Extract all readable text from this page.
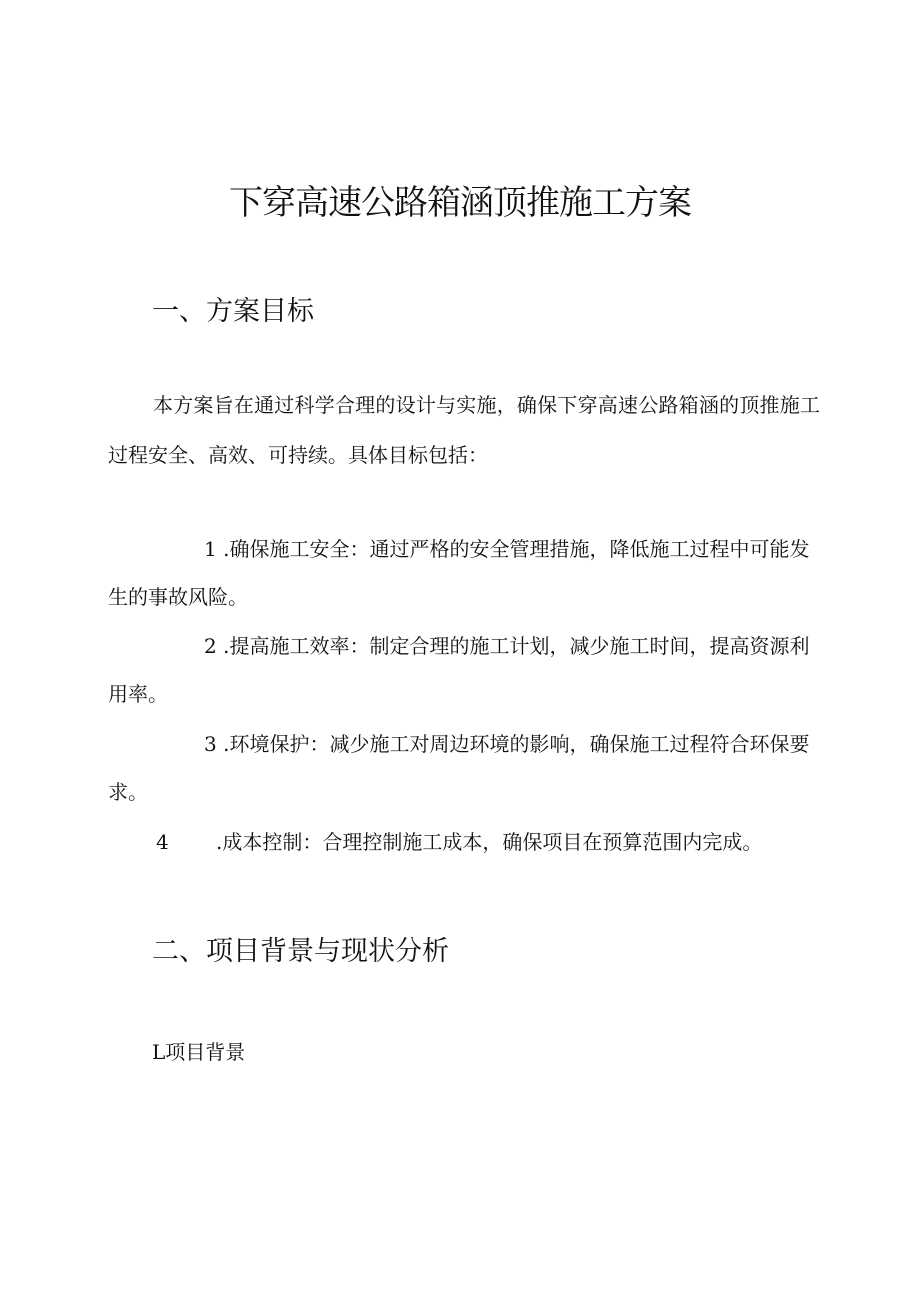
下穿高速公路箱涵顶推施工方案
一、方案目标

本方案旨在通过科学合理的设计与实施，确保下穿高速公路箱涵的顶推施工过程安全、高效、可持续。具体目标包括：

1 .确保施工安全：通过严格的安全管理措施，降低施工过程中可能发生的事故风险。

2 .提高施工效率：制定合理的施工计划，减少施工时间，提高资源利用率。

3 .环境保护：减少施工对周边环境的影响，确保施工过程符合环保要求。

4 .成本控制：合理控制施工成本，确保项目在预算范围内完成。

二、项目背景与现状分析

L项目背景
